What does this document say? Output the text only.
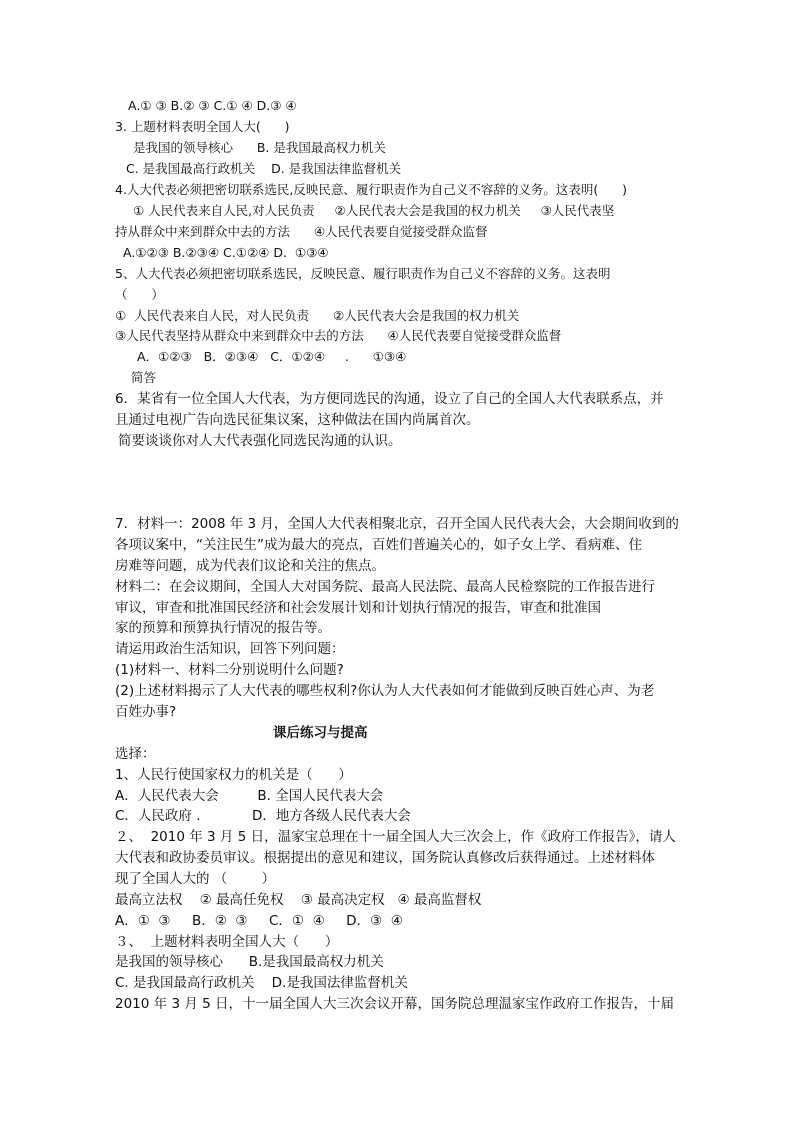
A.① ③ B.② ③ C.① ④ D.③ ④
3. 上题材料表明全国人大(      )
是我国的领导核心      B. 是我国最高权力机关
C. 是我国最高行政机关    D. 是我国法律监督机关
4.人大代表必须把密切联系选民,反映民意、履行职责作为自己义不容辞的义务。这表明(      )
① 人民代表来自人民,对人民负责     ②人民代表大会是我国的权力机关     ③人民代表坚
持从群众中来到群众中去的方法      ④人民代表要自觉接受群众监督
A.①②③ B.②③④ C.①②④ D.  ①③④
5、人大代表必须把密切联系选民，反映民意、履行职责作为自己义不容辞的义务。这表明
（      ）
①  人民代表来自人民，对人民负责      ②人民代表大会是我国的权力机关
③人民代表坚持从群众中来到群众中去的方法      ④人民代表要自觉接受群众监督
A．①②③   B．②③④   C．①②④     .      ①③④
简答
6．某省有一位全国人大代表，为方便同选民的沟通，设立了自己的全国人大代表联系点，并
且通过电视广告向选民征集议案，这种做法在国内尚属首次。
简要谈谈你对人大代表强化同选民沟通的认识。
7．材料一：2008 年 3 月，全国人大代表相聚北京，召开全国人民代表大会，大会期间收到的
各项议案中，“关注民生”成为最大的亮点，百姓们普遍关心的，如子女上学、看病难、住
房难等问题，成为代表们议论和关注的焦点。
材料二：在会议期间，全国人大对国务院、最高人民法院、最高人民检察院的工作报告进行
审议，审查和批准国民经济和社会发展计划和计划执行情况的报告，审查和批准国
家的预算和预算执行情况的报告等。
请运用政治生活知识，回答下列问题：
(1)材料一、材料二分别说明什么问题?
(2)上述材料揭示了人大代表的哪些权利?你认为人大代表如何才能做到反映百姓心声、为老
百姓办事?
课后练习与提高
选择：
1、人民行使国家权力的机关是（      ）
A．人民代表大会         B. 全国人民代表大会
C．人民政府 .            D．地方各级人民代表大会
２、  2010 年 3 月 5 日，温家宝总理在十一届全国人大三次会上，作《政府工作报告》，请人
大代表和政协委员审议。根据提出的意见和建议，国务院认真修改后获得通过。上述材料体
现了全国人大的 （        ）
最高立法权    ② 最高任免权    ③ 最高决定权   ④ 最高监督权
A．①  ③     B．②  ③     C．①  ④     D．③  ④
３、  上题材料表明全国人大（      ）
是我国的领导核心      B.是我国最高权力机关
C. 是我国最高行政机关    D.是我国法律监督机关
2010 年 3 月 5 日，十一届全国人大三次会议开幕，国务院总理温家宝作政府工作报告，十届
